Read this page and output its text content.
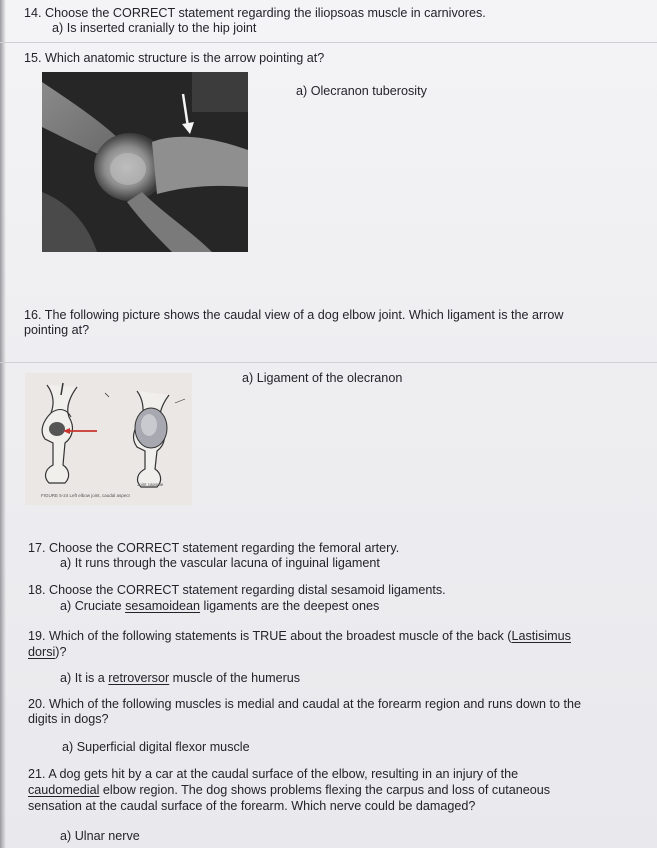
14. Choose the CORRECT statement regarding the iliopsoas muscle in carnivores.
a) Is inserted cranially to the hip joint
15. Which anatomic structure is the arrow pointing at?
a) Olecranon tuberosity
16. The following picture shows the caudal view of a dog elbow joint. Which ligament is the arrow
pointing at?
Joint capsule
FIGURE 5-24 Left elbow joint, caudal aspect
a) Ligament of the olecranon
17. Choose the CORRECT statement regarding the femoral artery.
a) It runs through the vascular lacuna of inguinal ligament
18. Choose the CORRECT statement regarding distal sesamoid ligaments.
a) Cruciate sesamoidean ligaments are the deepest ones
19. Which of the following statements is TRUE about the broadest muscle of the back (Lastisimus
dorsi)?
a) It is a retroversor muscle of the humerus
20. Which of the following muscles is medial and caudal at the forearm region and runs down to the
digits in dogs?
a) Superficial digital flexor muscle
21. A dog gets hit by a car at the caudal surface of the elbow, resulting in an injury of the
caudomedial elbow region. The dog shows problems flexing the carpus and loss of cutaneous
sensation at the caudal surface of the forearm. Which nerve could be damaged?
a) Ulnar nerve
